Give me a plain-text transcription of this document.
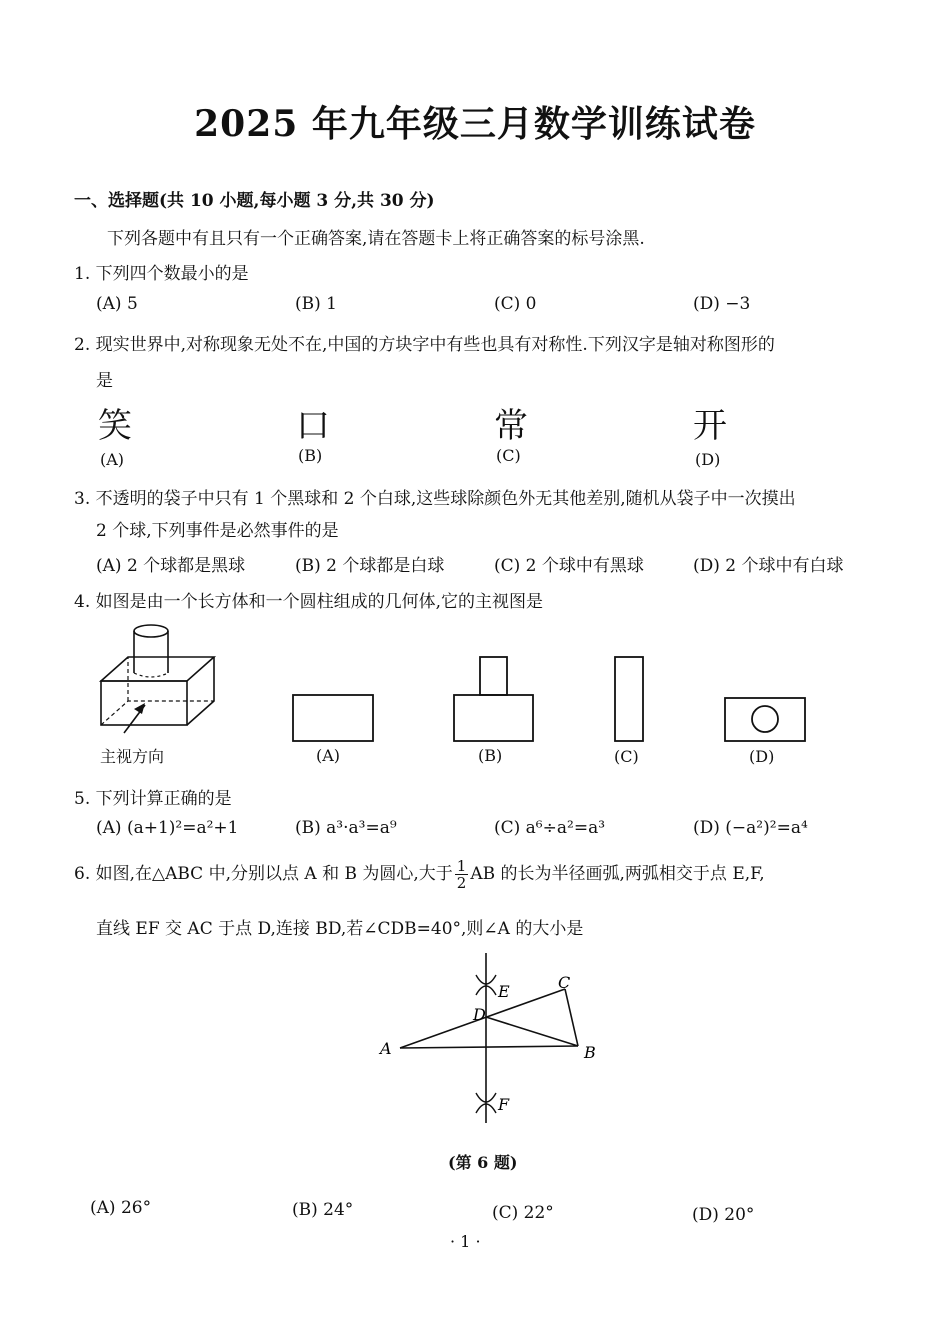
2025 年九年级三月数学训练试卷
一、选择题(共 10 小题,每小题 3 分,共 30 分)
下列各题中有且只有一个正确答案,请在答题卡上将正确答案的标号涂黑.
1. 下列四个数最小的是
(A) 5	(B) 1	(C) 0	(D) −3
2. 现实世界中,对称现象无处不在,中国的方块字中有些也具有对称性.下列汉字是轴对称图形的
是
笑	口	常	开
(A)	(B)	(C)	(D)
3. 不透明的袋子中只有 1 个黑球和 2 个白球,这些球除颜色外无其他差别,随机从袋子中一次摸出
2 个球,下列事件是必然事件的是
(A) 2 个球都是黑球	(B) 2 个球都是白球	(C) 2 个球中有黑球	(D) 2 个球中有白球
4. 如图是由一个长方体和一个圆柱组成的几何体,它的主视图是
主视方向	(A)	(B)	(C)	(D)
5. 下列计算正确的是
(A) (a+1)²=a²+1	(B) a³·a³=a⁹	(C) a⁶÷a²=a³	(D) (−a²)²=a⁴
6. 如图,在△ABC 中,分别以点 A 和 B 为圆心,大于 $\frac{1}{2}$ AB 的长为半径画弧,两弧相交于点 E,F,
直线 EF 交 AC 于点 D,连接 BD,若∠CDB=40°,则∠A 的大小是
A	B
C
D
E
F
(第 6 题)
(A) 26°	(B) 24°	(C) 22°	(D) 20°
· 1 ·
